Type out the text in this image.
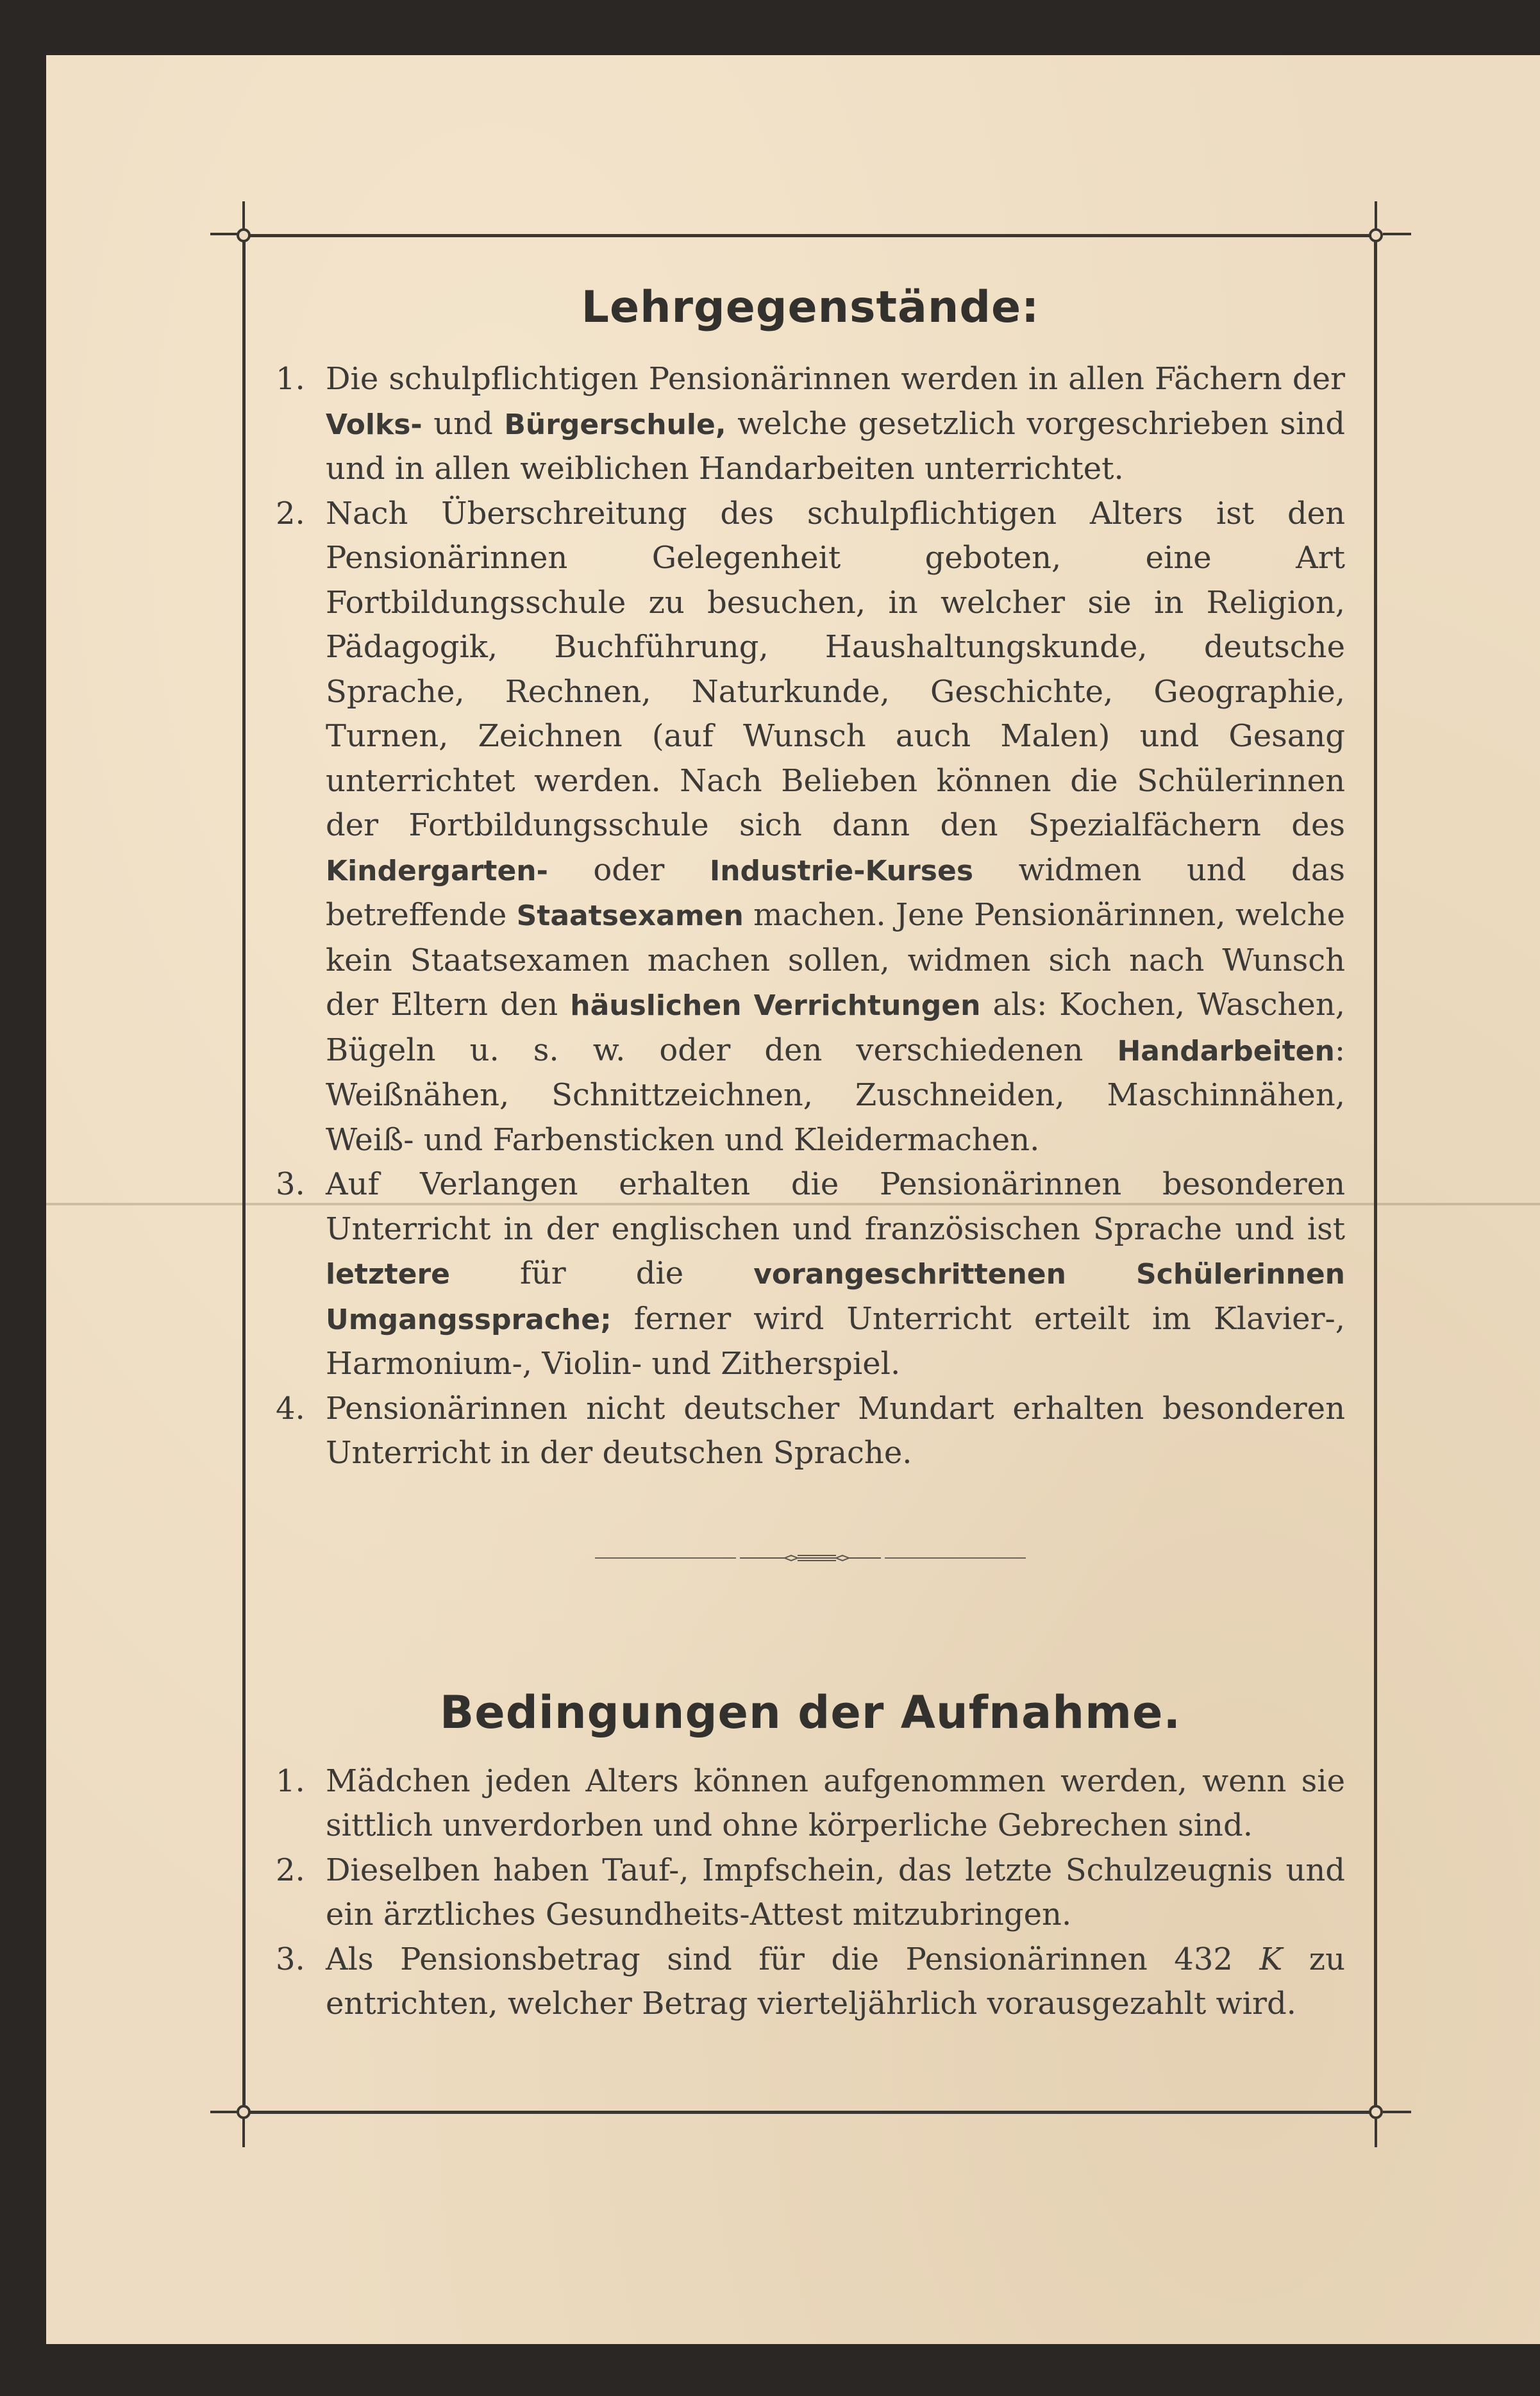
Lehrgegenstände:
1. Die schulpflichtigen Pensionärinnen werden in allen Fächern der Volks- und Bürgerschule, welche gesetzlich vorgeschrieben sind und in allen weiblichen Handarbeiten unterrichtet.
2. Nach Überschreitung des schulpflichtigen Alters ist den Pensionärinnen Gelegenheit geboten, eine Art Fortbildungsschule zu besuchen, in welcher sie in Religion, Pädagogik, Buchführung, Haushaltungskunde, deutsche Sprache, Rechnen, Naturkunde, Geschichte, Geographie, Turnen, Zeichnen (auf Wunsch auch Malen) und Gesang unterrichtet werden. Nach Belieben können die Schülerinnen der Fortbildungsschule sich dann den Spezialfächern des Kindergarten- oder Industrie-Kurses widmen und das betreffende Staatsexamen machen. Jene Pensionärinnen, welche kein Staatsexamen machen sollen, widmen sich nach Wunsch der Eltern den häuslichen Verrichtungen als: Kochen, Waschen, Bügeln u. s. w. oder den verschiedenen Handarbeiten: Weißnähen, Schnittzeichnen, Zuschneiden, Maschinnähen, Weiß- und Farbensticken und Kleidermachen.
3. Auf Verlangen erhalten die Pensionärinnen besonderen Unterricht in der englischen und französischen Sprache und ist letztere für die vorangeschrittenen Schülerinnen Umgangssprache; ferner wird Unterricht erteilt im Klavier-, Harmonium-, Violin- und Zitherspiel.
4. Pensionärinnen nicht deutscher Mundart erhalten besonderen Unterricht in der deutschen Sprache.
Bedingungen der Aufnahme.
1. Mädchen jeden Alters können aufgenommen werden, wenn sie sittlich unverdorben und ohne körperliche Gebrechen sind.
2. Dieselben haben Tauf-, Impfschein, das letzte Schulzeugnis und ein ärztliches Gesundheits-Attest mitzubringen.
3. Als Pensionsbetrag sind für die Pensionärinnen 432 K zu entrichten, welcher Betrag vierteljährlich vorausgezahlt wird.
